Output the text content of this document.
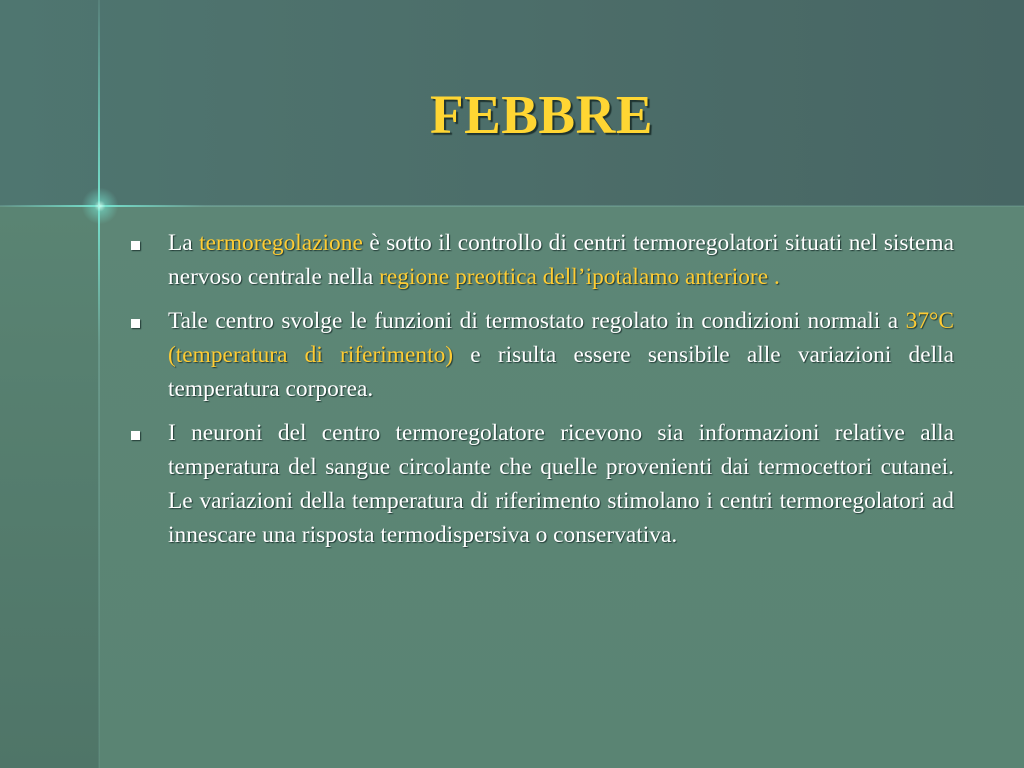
FEBBRE
La termoregolazione è sotto il controllo di centri termoregolatori situati nel sistema nervoso centrale nella regione preottica dell’ipotalamo anteriore .
Tale centro svolge le funzioni di termostato regolato in condizioni normali a 37°C (temperatura di riferimento) e risulta essere sensibile alle variazioni della temperatura corporea.
I neuroni del centro termoregolatore ricevono sia informazioni relative alla temperatura del sangue circolante che quelle provenienti dai termocettori cutanei. Le variazioni della temperatura di riferimento stimolano i centri termoregolatori ad innescare una risposta termodispersiva o conservativa.
